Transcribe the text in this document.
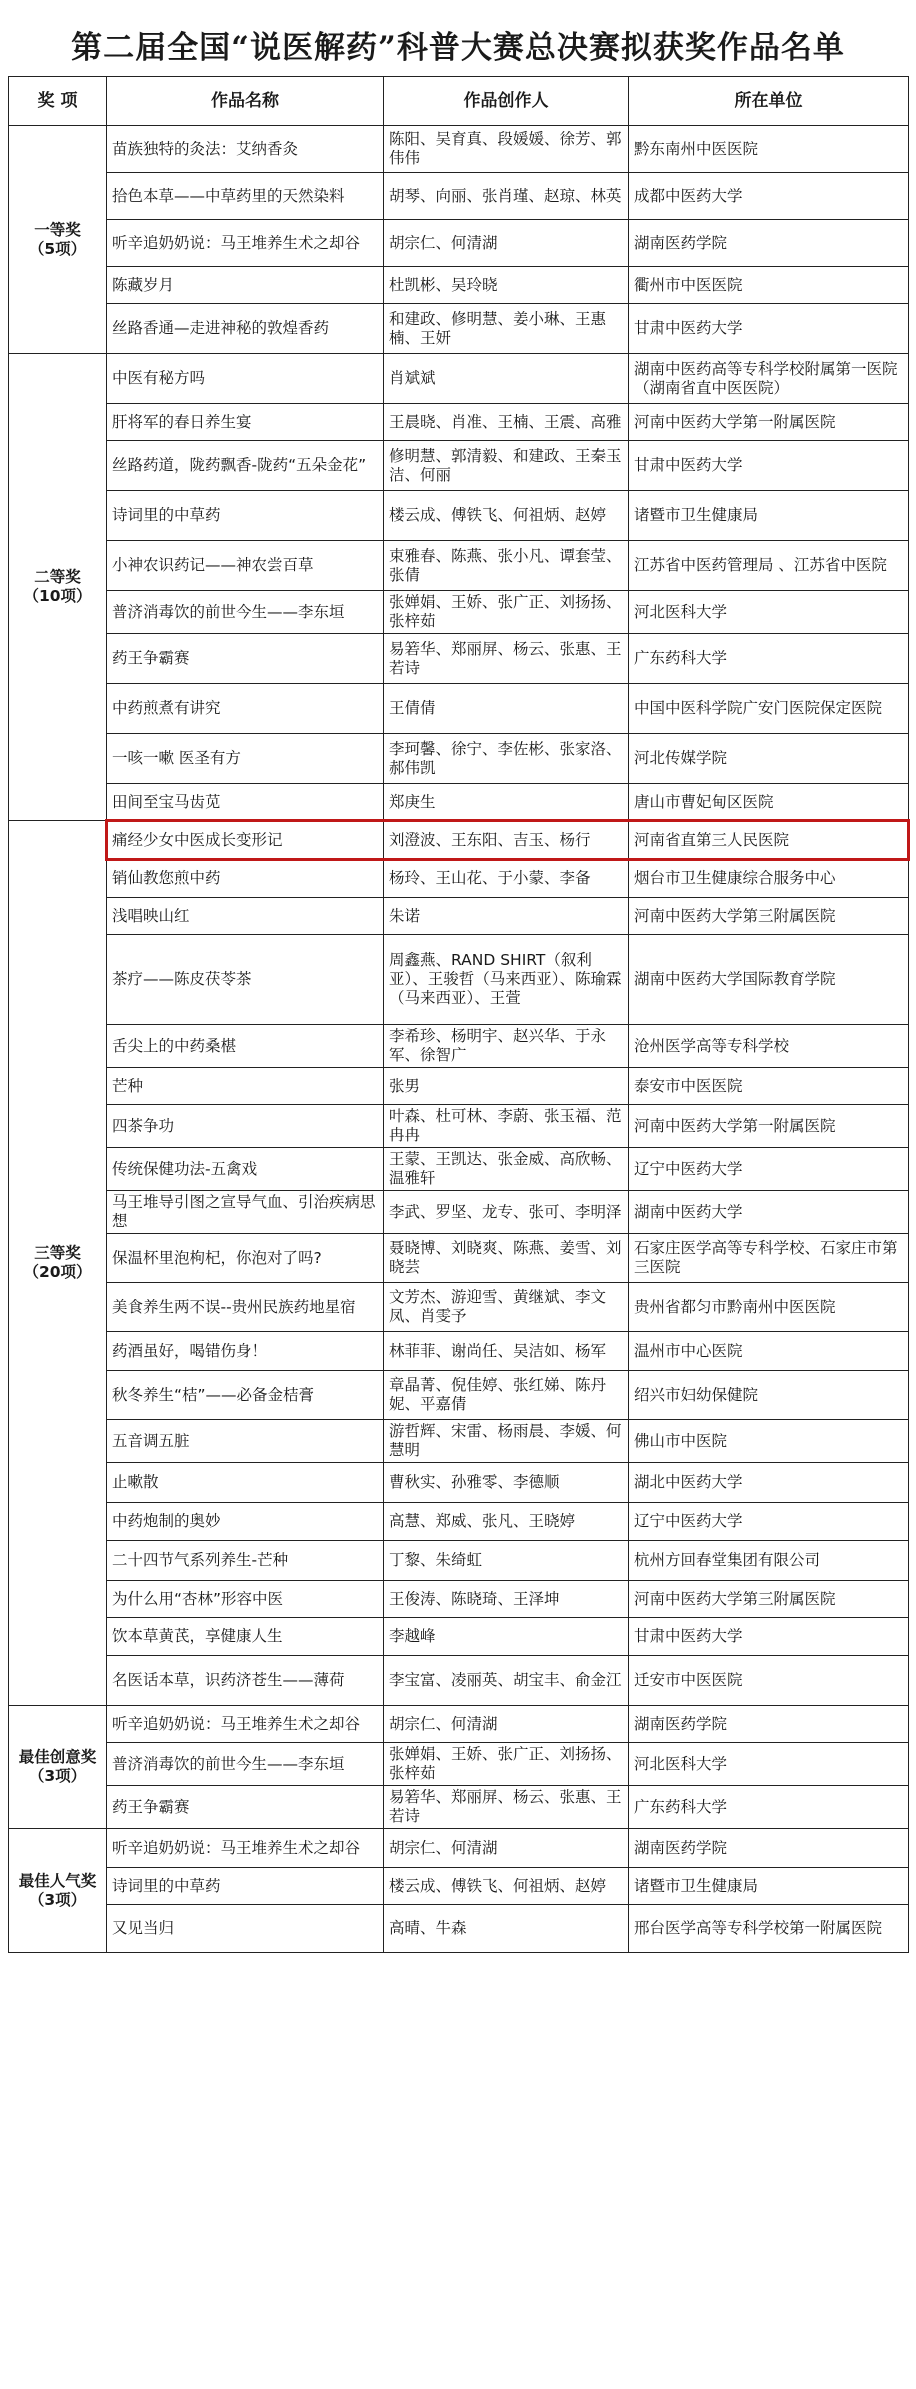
第二届全国“说医解药”科普大赛总决赛拟获奖作品名单
奖 项	作品名称	作品创作人	所在单位

一等奖
（5项）	苗族独特的灸法：艾纳香灸	陈阳、吴育真、段媛媛、徐芳、郭伟伟	黔东南州中医医院
	拾色本草——中草药里的天然染料	胡琴、向丽、张肖瑾、赵琼、林英	成都中医药大学
	听辛追奶奶说：马王堆养生术之却谷	胡宗仁、何清湖	湖南医药学院
	陈藏岁月	杜凯彬、吴玲晓	衢州市中医医院
	丝路香通—走进神秘的敦煌香药	和建政、修明慧、姜小琳、王惠楠、王妍	甘肃中医药大学

二等奖
（10项）	中医有秘方吗	肖斌斌	湖南中医药高等专科学校附属第一医院（湖南省直中医医院）
	肝将军的春日养生宴	王晨晓、肖准、王楠、王震、高雅	河南中医药大学第一附属医院
	丝路药道，陇药飘香-陇药“五朵金花”	修明慧、郭清毅、和建政、王秦玉洁、何丽	甘肃中医药大学
	诗词里的中草药	楼云成、傅铁飞、何祖炳、赵婷	诸暨市卫生健康局
	小神农识药记——神农尝百草	束雅春、陈燕、张小凡、谭套莹、张倩	江苏省中医药管理局 、江苏省中医院
	普济消毒饮的前世今生——李东垣	张婵娟、王娇、张广正、刘扬扬、张梓茹	河北医科大学
	药王争霸赛	易箬华、郑丽屏、杨云、张惠、王若诗	广东药科大学
	中药煎煮有讲究	王倩倩	中国中医科学院广安门医院保定医院
	一咳一嗽 医圣有方	李珂馨、徐宁、李佐彬、张家洛、郝伟凯	河北传媒学院
	田间至宝马齿苋	郑庚生	唐山市曹妃甸区医院

三等奖
（20项）	痛经少女中医成长变形记	刘澄波、王东阳、吉玉、杨行	河南省直第三人民医院
	销仙教您煎中药	杨玲、王山花、于小蒙、李备	烟台市卫生健康综合服务中心
	浅唱映山红	朱诺	河南中医药大学第三附属医院
	茶疗——陈皮茯苓茶	周鑫燕、RAND SHIRT（叙利亚）、王骏哲（马来西亚）、陈瑜霖（马来西亚）、王萱	湖南中医药大学国际教育学院
	舌尖上的中药桑椹	李希珍、杨明宇、赵兴华、于永军、徐智广	沧州医学高等专科学校
	芒种	张男	泰安市中医医院
	四茶争功	叶森、杜可林、李蔚、张玉福、范冉冉	河南中医药大学第一附属医院
	传统保健功法-五禽戏	王蒙、王凯达、张金威、高欣畅、温雅轩	辽宁中医药大学
	马王堆导引图之宣导气血、引治疾病思想	李武、罗坚、龙专、张可、李明泽	湖南中医药大学
	保温杯里泡枸杞，你泡对了吗?	聂晓博、刘晓爽、陈燕、姜雪、刘晓芸	石家庄医学高等专科学校、石家庄市第三医院
	美食养生两不误--贵州民族药地星宿	文芳杰、游迎雪、黄继斌、李文凤、肖雯予	贵州省都匀市黔南州中医医院
	药酒虽好，喝错伤身！	林菲菲、谢尚任、吴洁如、杨军	温州市中心医院
	秋冬养生“桔”——必备金桔膏	章晶菁、倪佳婷、张红娣、陈丹妮、平嘉倩	绍兴市妇幼保健院
	五音调五脏	游哲辉、宋雷、杨雨晨、李媛、何慧明	佛山市中医院
	止嗽散	曹秋实、孙雅零、李德顺	湖北中医药大学
	中药炮制的奥妙	高慧、郑威、张凡、王晓婷	辽宁中医药大学
	二十四节气系列养生-芒种	丁黎、朱绮虹	杭州方回春堂集团有限公司
	为什么用“杏林”形容中医	王俊涛、陈晓琦、王泽坤	河南中医药大学第三附属医院
	饮本草黄芪，享健康人生	李越峰	甘肃中医药大学
	名医话本草，识药济苍生——薄荷	李宝富、凌丽英、胡宝丰、俞金江	迁安市中医医院

最佳创意奖
（3项）	听辛追奶奶说：马王堆养生术之却谷	胡宗仁、何清湖	湖南医药学院
	普济消毒饮的前世今生——李东垣	张婵娟、王娇、张广正、刘扬扬、张梓茹	河北医科大学
	药王争霸赛	易箬华、郑丽屏、杨云、张惠、王若诗	广东药科大学

最佳人气奖
（3项）	听辛追奶奶说：马王堆养生术之却谷	胡宗仁、何清湖	湖南医药学院
	诗词里的中草药	楼云成、傅铁飞、何祖炳、赵婷	诸暨市卫生健康局
	又见当归	高晴、牛森	邢台医学高等专科学校第一附属医院
